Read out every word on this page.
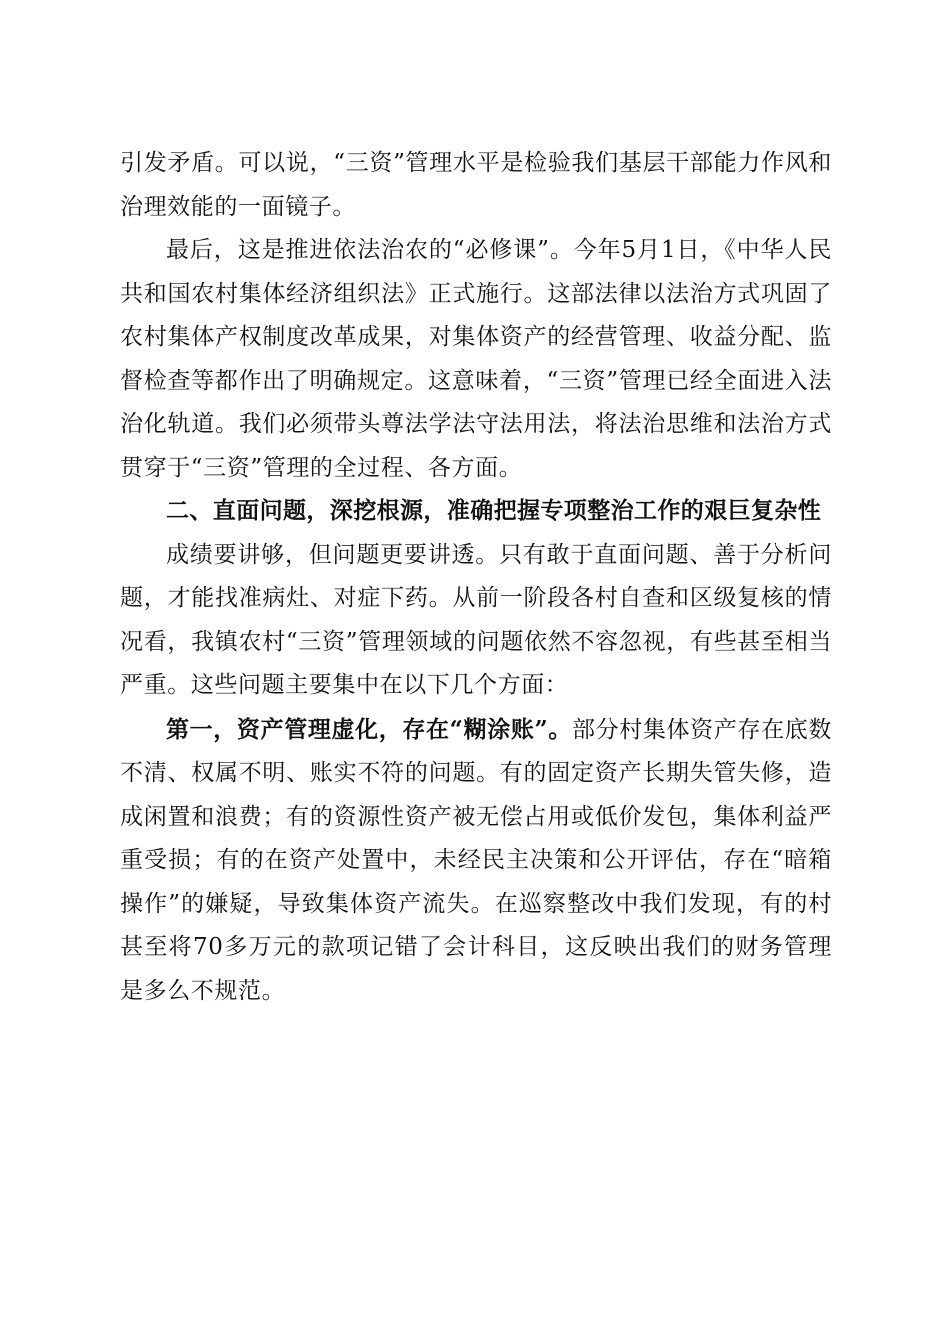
引发矛盾。可以说，“三资”管理水平是检验我们基层干部能力作风和治理效能的一面镜子。

最后，这是推进依法治农的“必修课”。今年5月1日，《中华人民共和国农村集体经济组织法》正式施行。这部法律以法治方式巩固了农村集体产权制度改革成果，对集体资产的经营管理、收益分配、监督检查等都作出了明确规定。这意味着，“三资”管理已经全面进入法治化轨道。我们必须带头尊法学法守法用法，将法治思维和法治方式贯穿于“三资”管理的全过程、各方面。

二、直面问题，深挖根源，准确把握专项整治工作的艰巨复杂性

成绩要讲够，但问题更要讲透。只有敢于直面问题、善于分析问题，才能找准病灶、对症下药。从前一阶段各村自查和区级复核的情况看，我镇农村“三资”管理领域的问题依然不容忽视，有些甚至相当严重。这些问题主要集中在以下几个方面：

第一，资产管理虚化，存在“糊涂账”。部分村集体资产存在底数不清、权属不明、账实不符的问题。有的固定资产长期失管失修，造成闲置和浪费；有的资源性资产被无偿占用或低价发包，集体利益严重受损；有的在资产处置中，未经民主决策和公开评估，存在“暗箱操作”的嫌疑，导致集体资产流失。在巡察整改中我们发现，有的村甚至将70多万元的款项记错了会计科目，这反映出我们的财务管理是多么不规范。
